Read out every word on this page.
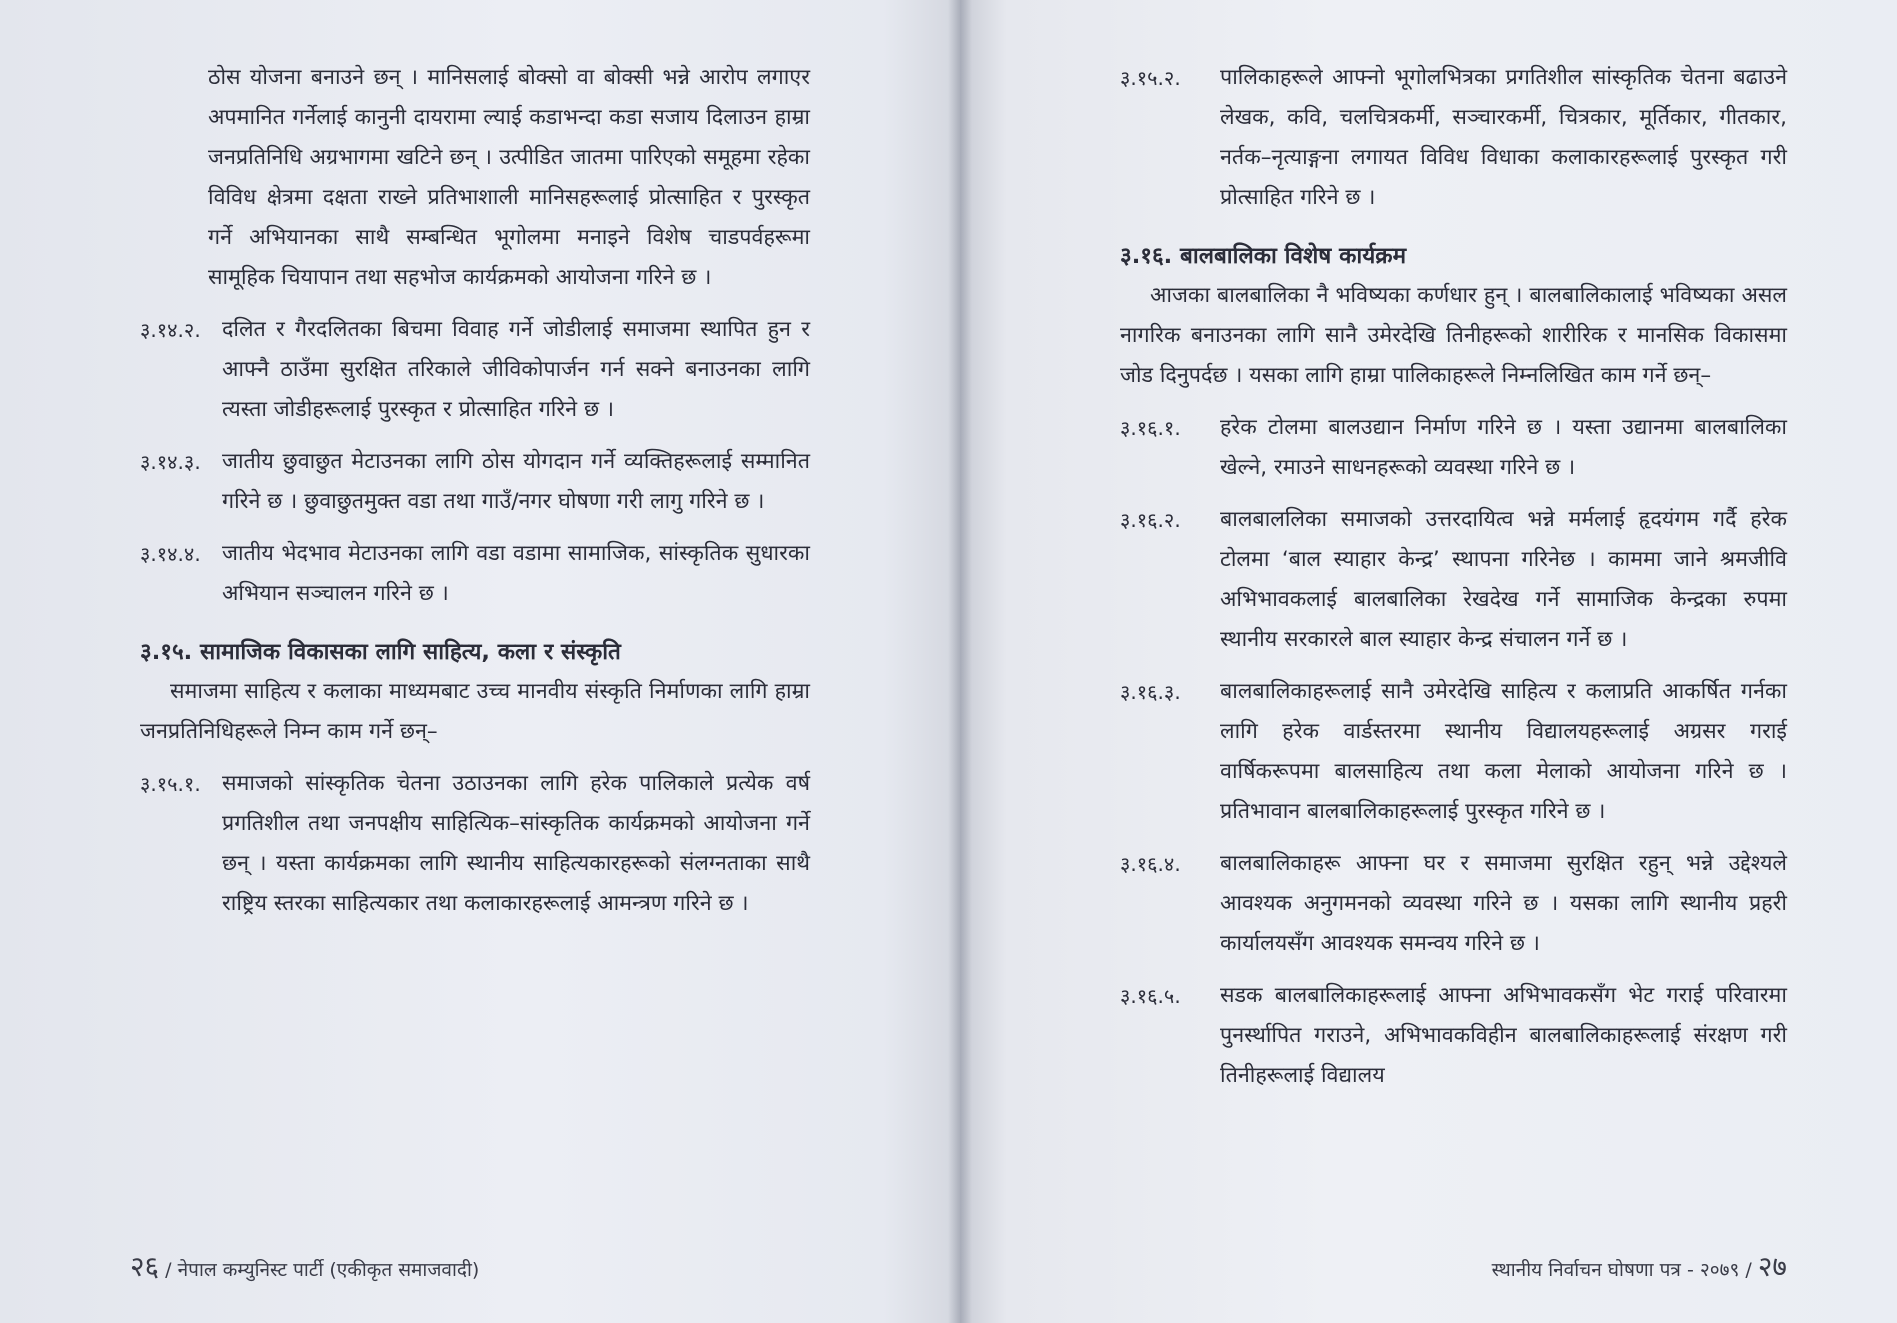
ठोस योजना बनाउने छन् । मानिसलाई बोक्सो वा बोक्सी भन्ने आरोप लगाएर अपमानित गर्नेलाई कानुनी दायरामा ल्याई कडाभन्दा कडा सजाय दिलाउन हाम्रा जनप्रतिनिधि अग्रभागमा खटिने छन् । उत्पीडित जातमा पारिएको समूहमा रहेका विविध क्षेत्रमा दक्षता राख्ने प्रतिभाशाली मानिसहरूलाई प्रोत्साहित र पुरस्कृत गर्ने अभियानका साथै सम्बन्धित भूगोलमा मनाइने विशेष चाडपर्वहरूमा सामूहिक चियापान तथा सहभोज कार्यक्रमको आयोजना गरिने छ ।

३.१४.२. दलित र गैरदलितका बिचमा विवाह गर्ने जोडीलाई समाजमा स्थापित हुन र आफ्नै ठाउँमा सुरक्षित तरिकाले जीविकोपार्जन गर्न सक्ने बनाउनका लागि त्यस्ता जोडीहरूलाई पुरस्कृत र प्रोत्साहित गरिने छ ।
३.१४.३. जातीय छुवाछुत मेटाउनका लागि ठोस योगदान गर्ने व्यक्तिहरूलाई सम्मानित गरिने छ । छुवाछुतमुक्त वडा तथा गाउँ/नगर घोषणा गरी लागु गरिने छ ।
३.१४.४. जातीय भेदभाव मेटाउनका लागि वडा वडामा सामाजिक, सांस्कृतिक सुधारका अभियान सञ्चालन गरिने छ ।

३.१५. सामाजिक विकासका लागि साहित्य, कला र संस्कृति

समाजमा साहित्य र कलाका माध्यमबाट उच्च मानवीय संस्कृति निर्माणका लागि हाम्रा जनप्रतिनिधिहरूले निम्न काम गर्ने छन्–

३.१५.१. समाजको सांस्कृतिक चेतना उठाउनका लागि हरेक पालिकाले प्रत्येक वर्ष प्रगतिशील तथा जनपक्षीय साहित्यिक–सांस्कृतिक कार्यक्रमको आयोजना गर्ने छन् । यस्ता कार्यक्रमका लागि स्थानीय साहित्यकारहरूको संलग्नताका साथै राष्ट्रिय स्तरका साहित्यकार तथा कलाकारहरूलाई आमन्त्रण गरिने छ ।
२६ / नेपाल कम्युनिस्ट पार्टी (एकीकृत समाजवादी)
३.१५.२.	पालिकाहरूले आफ्नो भूगोलभित्रका प्रगतिशील सांस्कृतिक चेतना बढाउने लेखक, कवि, चलचित्रकर्मी, सञ्चारकर्मी, चित्रकार, मूर्तिकार, गीतकार, नर्तक–नृत्याङ्गना लगायत विविध विधाका कलाकारहरूलाई पुरस्कृत गरी प्रोत्साहित गरिने छ ।

३.१६. बालबालिका विशेष कार्यक्रम

आजका बालबालिका नै भविष्यका कर्णधार हुन् । बालबालिकालाई भविष्यका असल नागरिक बनाउनका लागि सानै उमेरदेखि तिनीहरूको शारीरिक र मानसिक विकासमा जोड दिनुपर्दछ । यसका लागि हाम्रा पालिकाहरूले निम्नलिखित काम गर्ने छन्–

३.१६.१.	हरेक टोलमा बालउद्यान निर्माण गरिने छ । यस्ता उद्यानमा बालबालिका खेल्ने, रमाउने साधनहरूको व्यवस्था गरिने छ ।
३.१६.२.	बालबाललिका समाजको उत्तरदायित्व भन्ने मर्मलाई हृदयंगम गर्दै हरेक टोलमा ‘बाल स्याहार केन्द्र’ स्थापना गरिनेछ । काममा जाने श्रमजीवि अभिभावकलाई बालबालिका रेखदेख गर्ने सामाजिक केन्द्रका रुपमा स्थानीय सरकारले बाल स्याहार केन्द्र संचालन गर्ने छ ।
३.१६.३.	बालबालिकाहरूलाई सानै उमेरदेखि साहित्य र कलाप्रति आकर्षित गर्नका लागि हरेक वार्डस्तरमा स्थानीय विद्यालयहरूलाई अग्रसर गराई वार्षिकरूपमा बालसाहित्य तथा कला मेलाको आयोजना गरिने छ । प्रतिभावान बालबालिकाहरूलाई पुरस्कृत गरिने छ ।
३.१६.४.	बालबालिकाहरू आफ्ना घर र समाजमा सुरक्षित रहुन् भन्ने उद्देश्यले आवश्यक अनुगमनको व्यवस्था गरिने छ । यसका लागि स्थानीय प्रहरी कार्यालयसँग आवश्यक समन्वय गरिने छ ।
३.१६.५.	सडक बालबालिकाहरूलाई आफ्ना अभिभावकसँग भेट गराई परिवारमा पुनर्स्थापित गराउने, अभिभावकविहीन बालबालिकाहरूलाई संरक्षण गरी तिनीहरूलाई विद्यालय
स्थानीय निर्वाचन घोषणा पत्र - २०७९ / २७
